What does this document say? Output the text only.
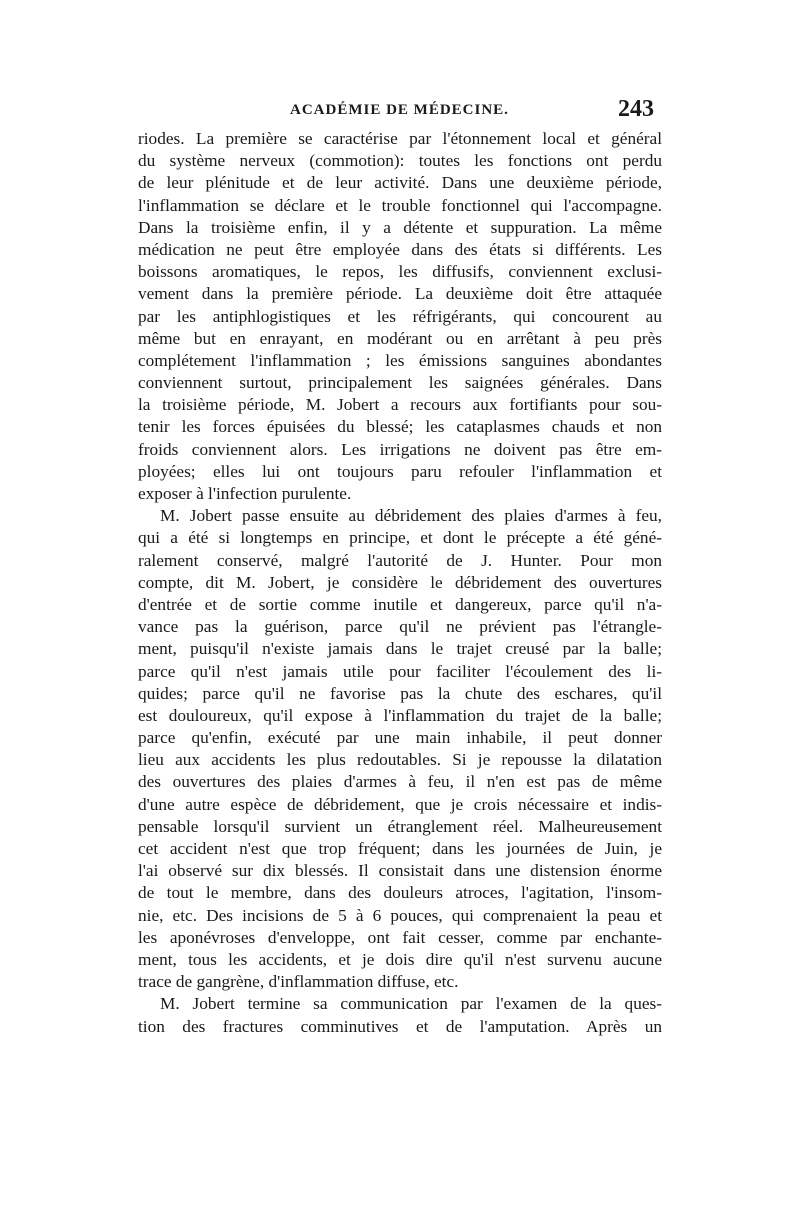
ACADÉMIE DE MÉDECINE.	243
riodes. La première se caractérise par l'étonnement local et général
du système nerveux (commotion): toutes les fonctions ont perdu
de leur plénitude et de leur activité. Dans une deuxième période,
l'inflammation se déclare et le trouble fonctionnel qui l'accompagne.
Dans la troisième enfin, il y a détente et suppuration. La même
médication ne peut être employée dans des états si différents. Les
boissons aromatiques, le repos, les diffusifs, conviennent exclusi-
vement dans la première période. La deuxième doit être attaquée
par les antiphlogistiques et les réfrigérants, qui concourent au
même but en enrayant, en modérant ou en arrêtant à peu près
complétement l'inflammation ; les émissions sanguines abondantes
conviennent surtout, principalement les saignées générales. Dans
la troisième période, M. Jobert a recours aux fortifiants pour sou-
tenir les forces épuisées du blessé; les cataplasmes chauds et non
froids conviennent alors. Les irrigations ne doivent pas être em-
ployées; elles lui ont toujours paru refouler l'inflammation et
exposer à l'infection purulente.
M. Jobert passe ensuite au débridement des plaies d'armes à feu,
qui a été si longtemps en principe, et dont le précepte a été géné-
ralement conservé, malgré l'autorité de J. Hunter. Pour mon
compte, dit M. Jobert, je considère le débridement des ouvertures
d'entrée et de sortie comme inutile et dangereux, parce qu'il n'a-
vance pas la guérison, parce qu'il ne prévient pas l'étrangle-
ment, puisqu'il n'existe jamais dans le trajet creusé par la balle;
parce qu'il n'est jamais utile pour faciliter l'écoulement des li-
quides; parce qu'il ne favorise pas la chute des eschares, qu'il
est douloureux, qu'il expose à l'inflammation du trajet de la balle;
parce qu'enfin, exécuté par une main inhabile, il peut donner
lieu aux accidents les plus redoutables. Si je repousse la dilatation
des ouvertures des plaies d'armes à feu, il n'en est pas de même
d'une autre espèce de débridement, que je crois nécessaire et indis-
pensable lorsqu'il survient un étranglement réel. Malheureusement
cet accident n'est que trop fréquent; dans les journées de Juin, je
l'ai observé sur dix blessés. Il consistait dans une distension énorme
de tout le membre, dans des douleurs atroces, l'agitation, l'insom-
nie, etc. Des incisions de 5 à 6 pouces, qui comprenaient la peau et
les aponévroses d'enveloppe, ont fait cesser, comme par enchante-
ment, tous les accidents, et je dois dire qu'il n'est survenu aucune
trace de gangrène, d'inflammation diffuse, etc.
M. Jobert termine sa communication par l'examen de la ques-
tion des fractures comminutives et de l'amputation. Après un
